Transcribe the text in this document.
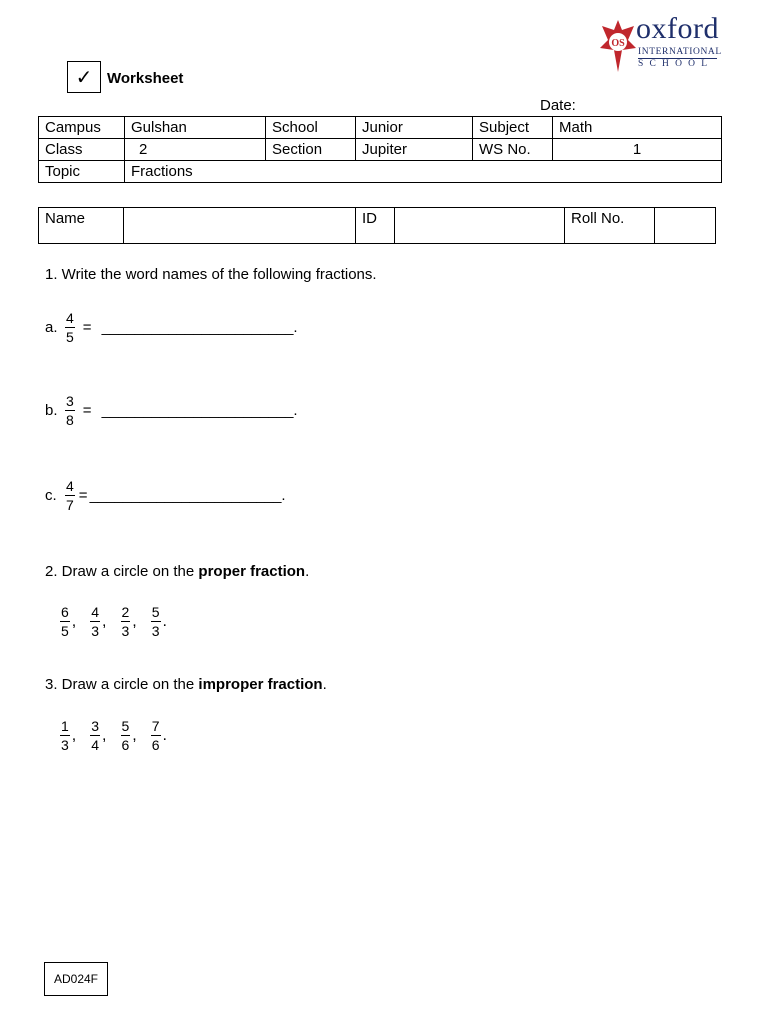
OS oxford
INTERNATIONAL
SCHOOL
✓ Worksheet
Date:
Campus	Gulshan	School	Junior	Subject	Math
Class	2	Section	Jupiter	WS No.	1
Topic	Fractions				
Name		ID		Roll No.	
1. Write the word names of the following fractions.
a. $\frac{4}{5}$ = _______________________.
b. $\frac{3}{8}$ = _______________________.
c. $\frac{4}{7}$ = _______________________.
2. Draw a circle on the proper fraction.
$\frac{6}{5}$ , $\frac{4}{3}$ , $\frac{2}{3}$ , $\frac{5}{3}$ .
3. Draw a circle on the improper fraction.
$\frac{1}{3}$ , $\frac{3}{4}$ , $\frac{5}{6}$ , $\frac{7}{6}$ .
AD024F
